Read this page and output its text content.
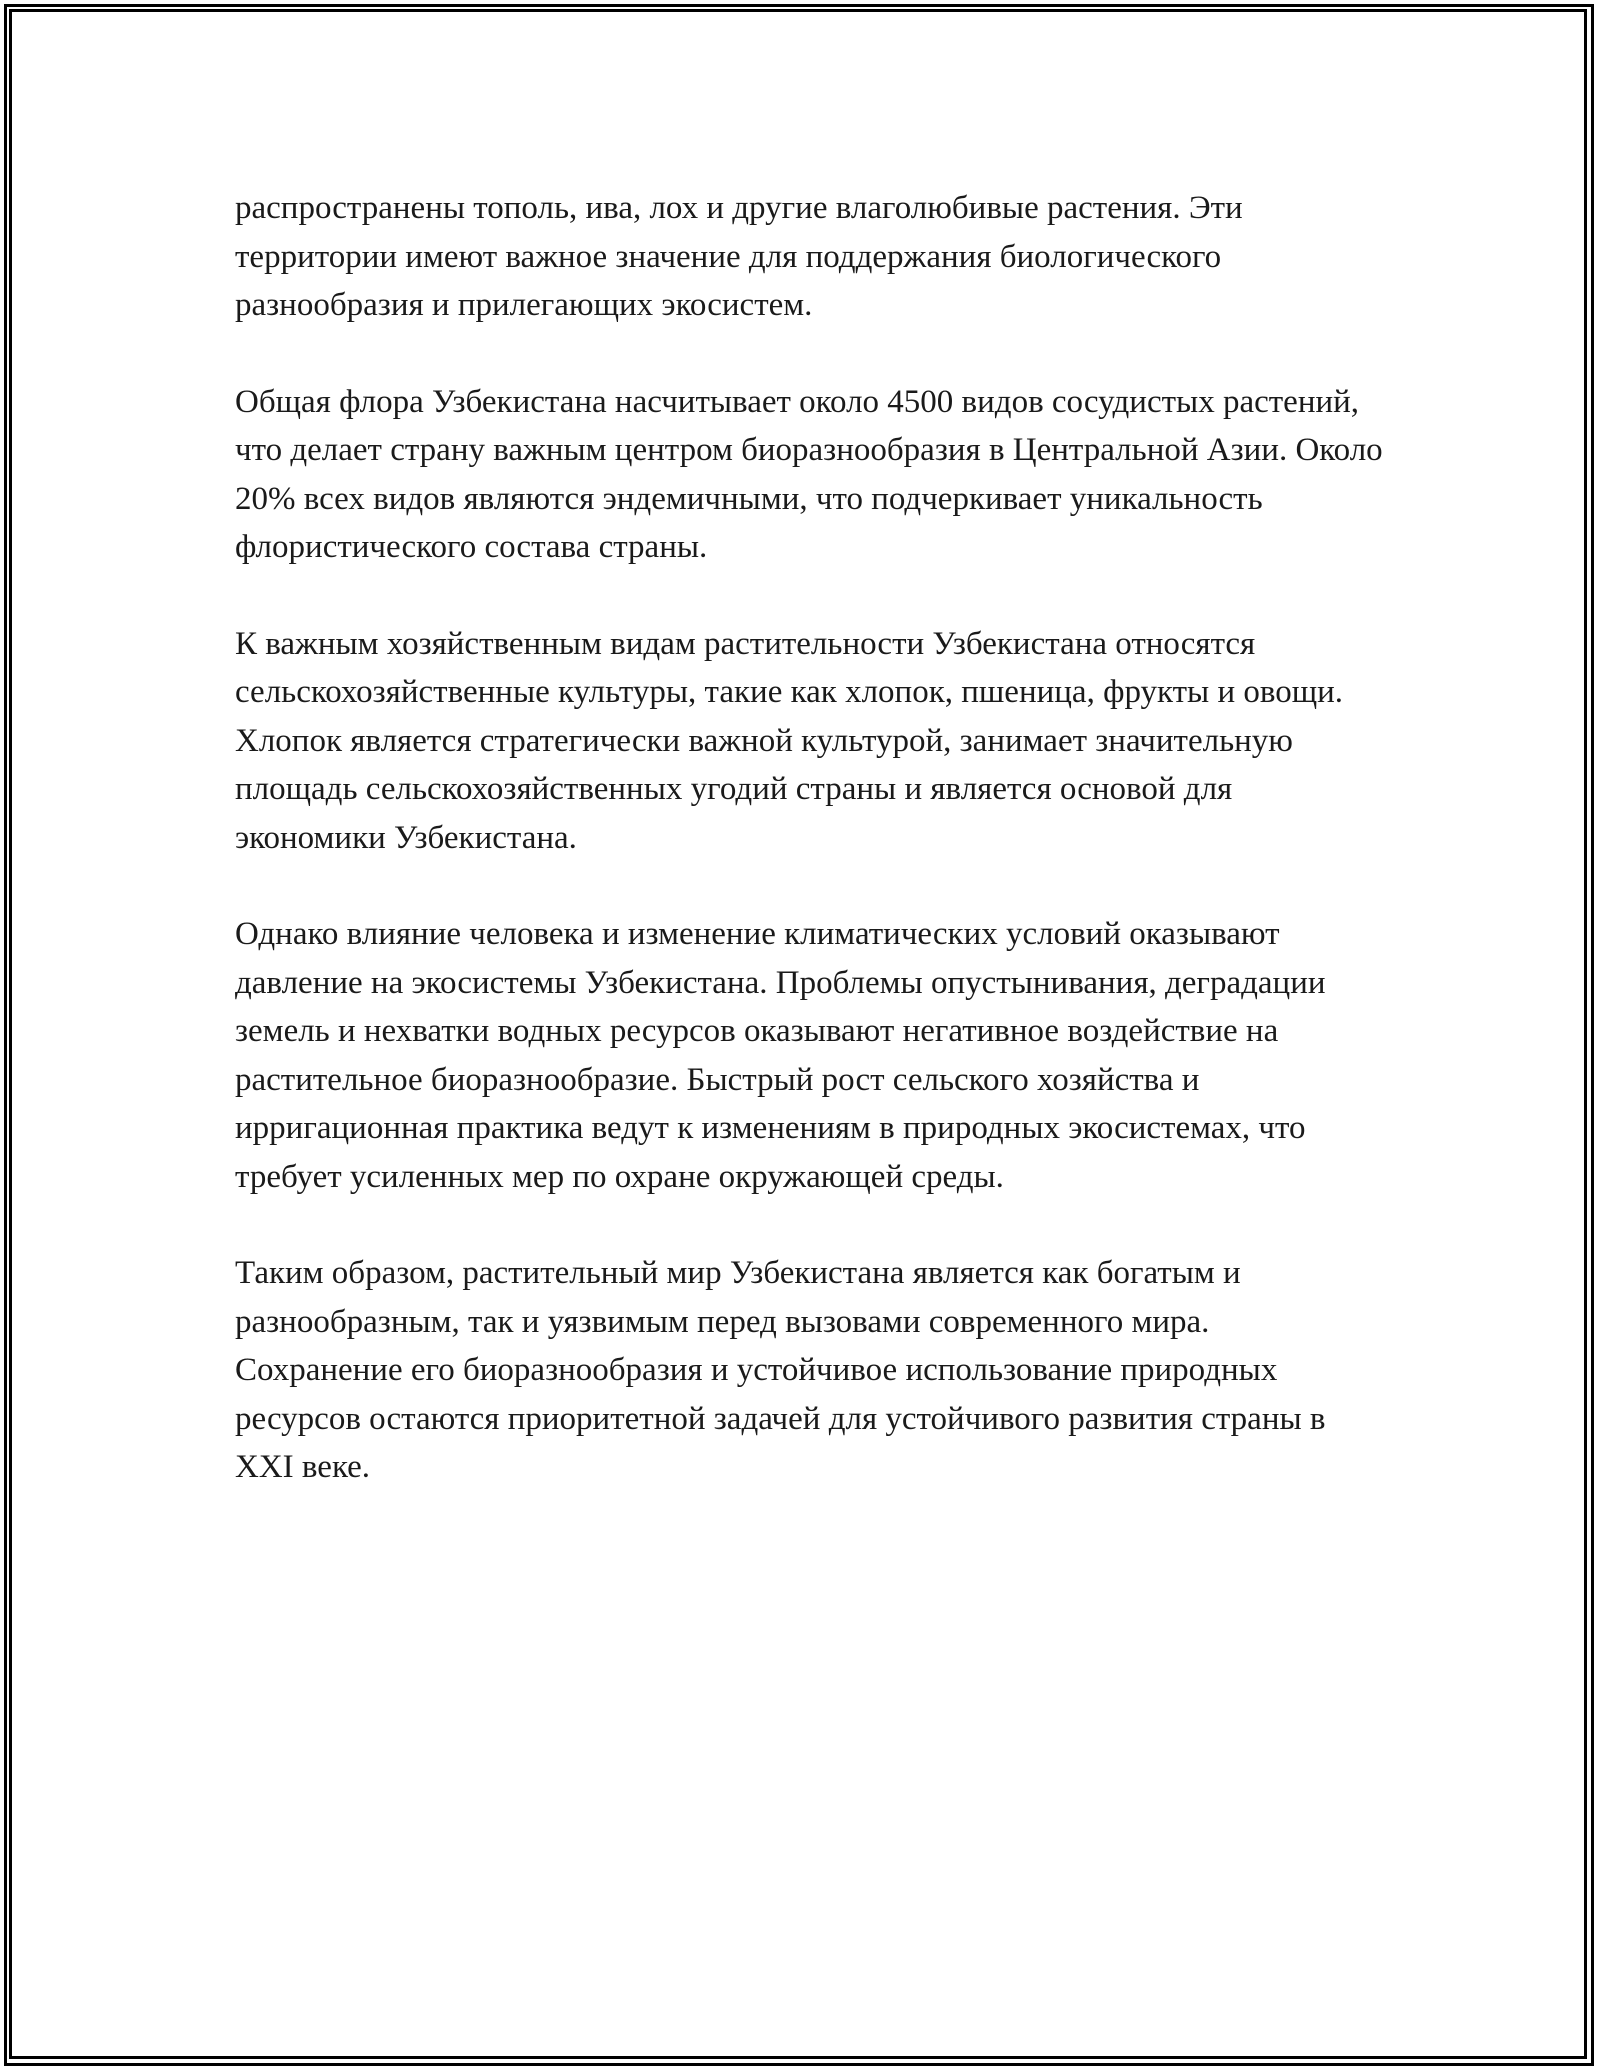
распространены тополь, ива, лох и другие влаголюбивые растения. Эти территории имеют важное значение для поддержания биологического разнообразия и прилегающих экосистем.

Общая флора Узбекистана насчитывает около 4500 видов сосудистых растений, что делает страну важным центром биоразнообразия в Центральной Азии. Около 20% всех видов являются эндемичными, что подчеркивает уникальность флористического состава страны.

К важным хозяйственным видам растительности Узбекистана относятся сельскохозяйственные культуры, такие как хлопок, пшеница, фрукты и овощи. Хлопок является стратегически важной культурой, занимает значительную площадь сельскохозяйственных угодий страны и является основой для экономики Узбекистана.

Однако влияние человека и изменение климатических условий оказывают давление на экосистемы Узбекистана. Проблемы опустынивания, деградации земель и нехватки водных ресурсов оказывают негативное воздействие на растительное биоразнообразие. Быстрый рост сельского хозяйства и ирригационная практика ведут к изменениям в природных экосистемах, что требует усиленных мер по охране окружающей среды.

Таким образом, растительный мир Узбекистана является как богатым и разнообразным, так и уязвимым перед вызовами современного мира. Сохранение его биоразнообразия и устойчивое использование природных ресурсов остаются приоритетной задачей для устойчивого развития страны в XXI веке.
